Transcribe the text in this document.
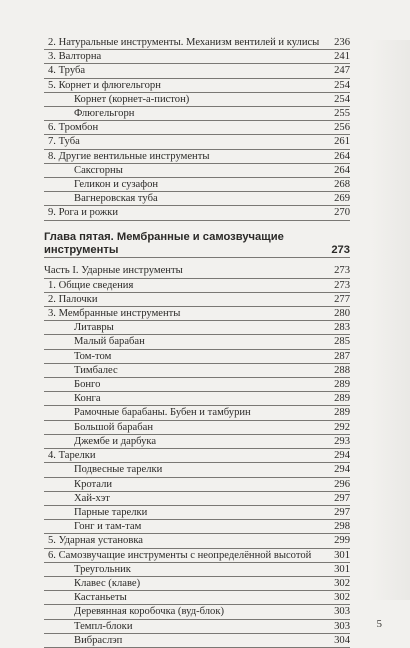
2. Натуральные инструменты. Механизм вентилей и кулисы	236
3. Валторна	241
4. Труба	247
5. Корнет и флюгельгорн	254
Корнет (корнет-а-пистон)	254
Флюгельгорн	255
6. Тромбон	256
7. Туба	261
8. Другие вентильные инструменты	264
Саксгорны	264
Геликон и сузафон	268
Вагнеровская туба	269
9. Рога и рожки	270
Глава пятая. Мембранные и самозвучащие инструменты	273
Часть I. Ударные инструменты	273
1. Общие сведения	273
2. Палочки	277
3. Мембранные инструменты	280
Литавры	283
Малый барабан	285
Том-том	287
Тимбалес	288
Бонго	289
Конга	289
Рамочные барабаны. Бубен и тамбурин	289
Большой барабан	292
Джембе и дарбука	293
4. Тарелки	294
Подвесные тарелки	294
Кротали	296
Хай-хэт	297
Парные тарелки	297
Гонг и там-там	298
5. Ударная установка	299
6. Самозвучащие инструменты с неопределённой высотой	301
Треугольник	301
Клавес (клаве)	302
Кастаньеты	302
Деревянная коробочка (вуд-блок)	303
Темпл-блоки	303
Вибраслэп	304
5
